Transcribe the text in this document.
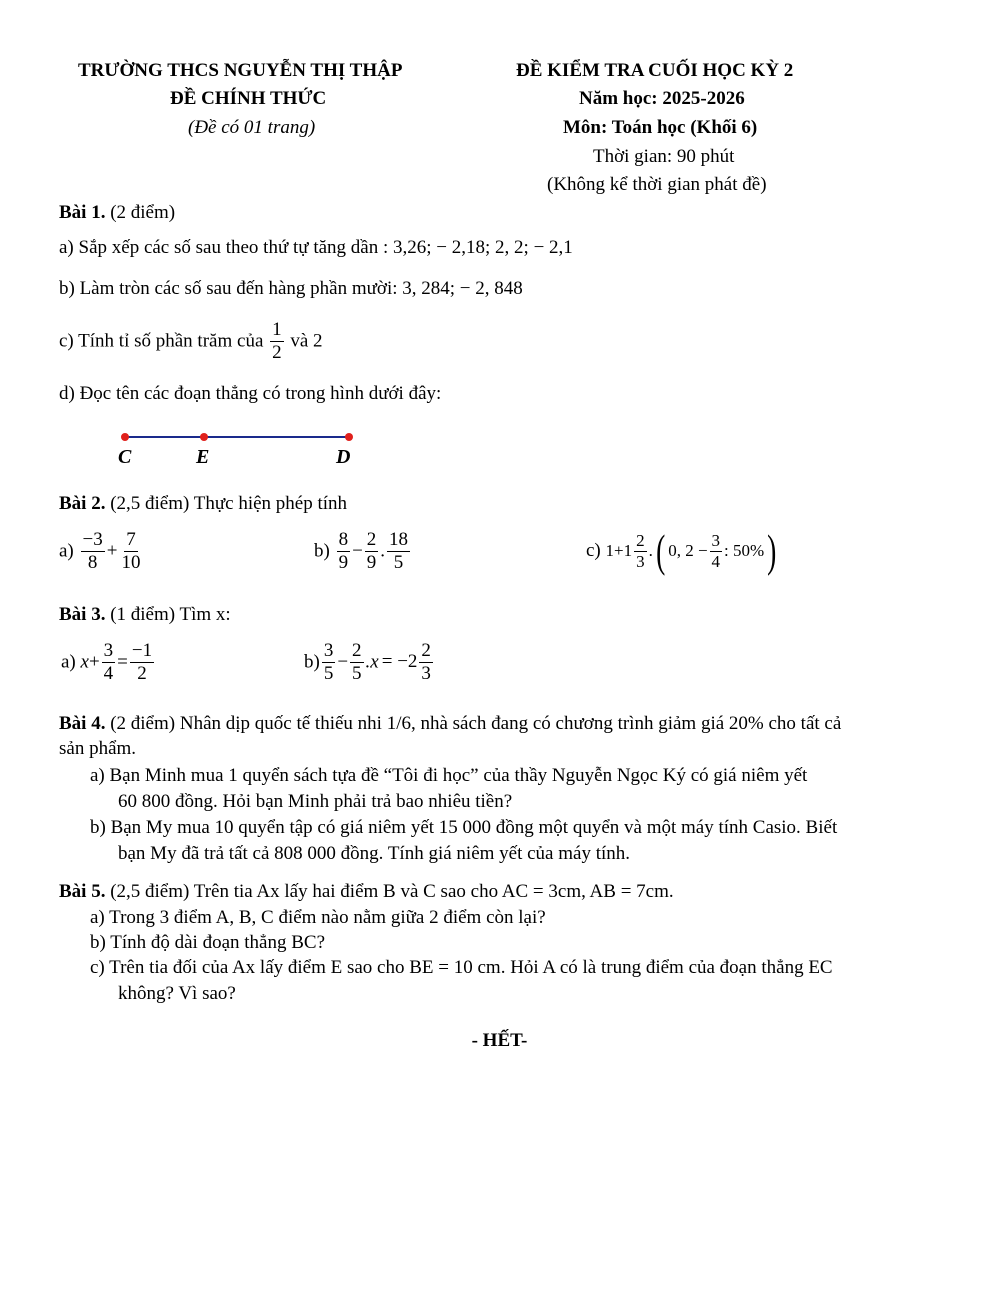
TRƯỜNG THCS NGUYỄN THỊ THẬP
ĐỀ CHÍNH THỨC
(Đề có 01 trang)
ĐỀ KIỂM TRA CUỐI HỌC KỲ 2
Năm học: 2025-2026
Môn: Toán học (Khối 6)
Thời gian: 90 phút
(Không kể thời gian phát đề)
Bài 1. (2 điểm)
a) Sắp xếp các số sau theo thứ tự tăng dần : 3,26; − 2,18; 2, 2; − 2,1
b) Làm tròn các số sau đến hàng phần mười: 3, 284; − 2, 848
c) Tính tỉ số phần trăm của $\frac{1}{2}$ và 2
d) Đọc tên các đoạn thẳng có trong hình dưới đây:
C	E	D
Bài 2. (2,5 điểm) Thực hiện phép tính
$a) \frac{-3}{8} + \frac{7}{10}$	$b) \frac{8}{9} - \frac{2}{9}$ . $\frac{18}{5}$	c) $1+1 \frac{2}{3}$ .( 0, $2 - \frac{3}{4}$ : 50%)
Bài 3. (1 điểm) Tìm x:
a) $x+ \frac{3}{4} = \frac{-1}{2}$	$b) \frac{3}{5} - \frac{2}{5} .x = -2 \frac{2}{3}$
Bài 4. (2 điểm) Nhân dịp quốc tế thiếu nhi 1/6, nhà sách đang có chương trình giảm giá 20% cho tất cả
sản phẩm.
a) Bạn Minh mua 1 quyển sách tựa đề “Tôi đi học” của thầy Nguyễn Ngọc Ký có giá niêm yết
60 800 đồng. Hỏi bạn Minh phải trả bao nhiêu tiền?
b) Bạn My mua 10 quyển tập có giá niêm yết 15 000 đồng một quyển và một máy tính Casio. Biết
bạn My đã trả tất cả 808 000 đồng. Tính giá niêm yết của máy tính.
Bài 5. (2,5 điểm) Trên tia Ax lấy hai điểm B và C sao cho AC = 3cm, AB = 7cm.
a) Trong 3 điểm A, B, C điểm nào nằm giữa 2 điểm còn lại?
b) Tính độ dài đoạn thẳng BC?
c) Trên tia đối của Ax lấy điểm E sao cho BE = 10 cm. Hỏi A có là trung điểm của đoạn thẳng EC
không? Vì sao?
- HẾT-
